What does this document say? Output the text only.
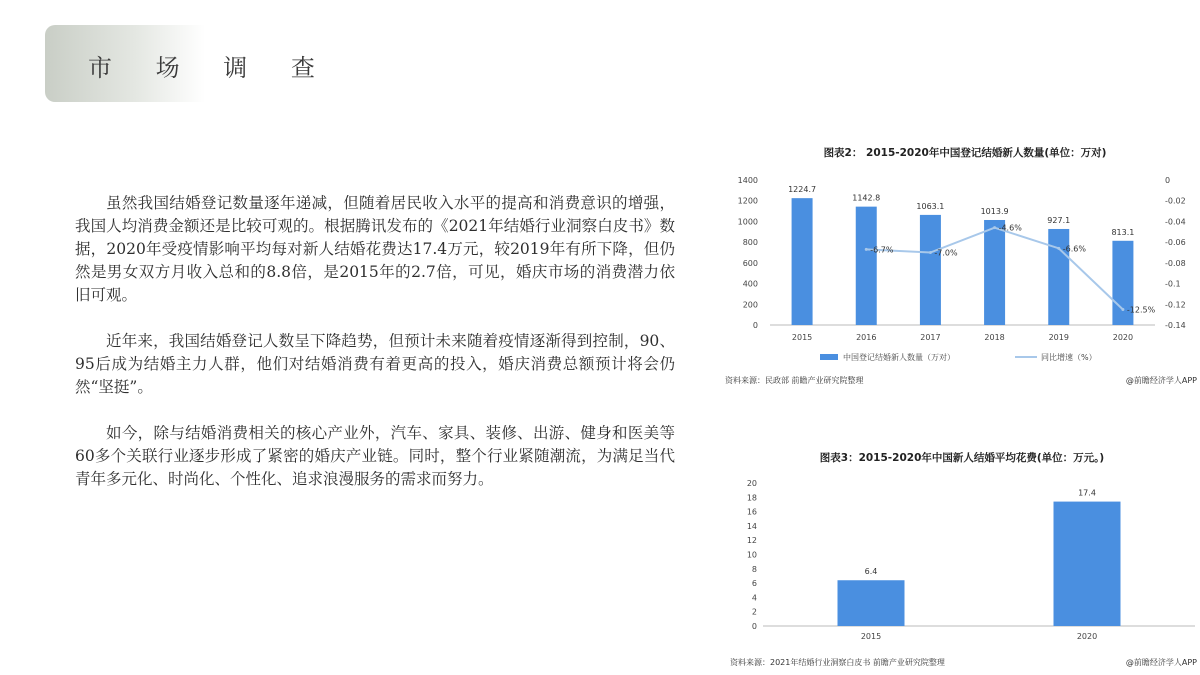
市 场 调 查

虽然我国结婚登记数量逐年递减，但随着居民收入水平的提高和消费意识的增强，我国人均消费金额还是比较可观的。根据腾讯发布的《2021年结婚行业洞察白皮书》数据，2020年受疫情影响平均每对新人结婚花费达17.4万元，较2019年有所下降，但仍然是男女双方月收入总和的8.8倍，是2015年的2.7倍，可见，婚庆市场的消费潜力依旧可观。

近年来，我国结婚登记人数呈下降趋势，但预计未来随着疫情逐渐得到控制，90、95后成为结婚主力人群，他们对结婚消费有着更高的投入，婚庆消费总额预计将会仍然“坚挺”。

如今，除与结婚消费相关的核心产业外，汽车、家具、装修、出游、健身和医美等60多个关联行业逐步形成了紧密的婚庆产业链。同时，整个行业紧随潮流，为满足当代青年多元化、时尚化、个性化、追求浪漫服务的需求而努力。

图表2： 2015-2020年中国登记结婚新人数量(单位：万对)
0
200
400
600
800
1000
1200
1400	0
-0.02
-0.04
-0.06
-0.08
-0.1
-0.12
-0.14
2015	2016	2017	2018	2019	2020
1224.7
1142.8
1063.1
1013.9
927.1
813.1
-6.7%	-7.0%
-4.6%
-6.6%
-12.5%
中国登记结婚新人数量（万对）	同比增速（%）
资料来源：民政部 前瞻产业研究院整理	@前瞻经济学人APP
图表3：2015-2020年中国新人结婚平均花费(单位：万元。)
0
2
4
6
8
10
12
14
16
18
20
2015	2020
6.4
17.4
资料来源：2021年结婚行业洞察白皮书 前瞻产业研究院整理	@前瞻经济学人APP
